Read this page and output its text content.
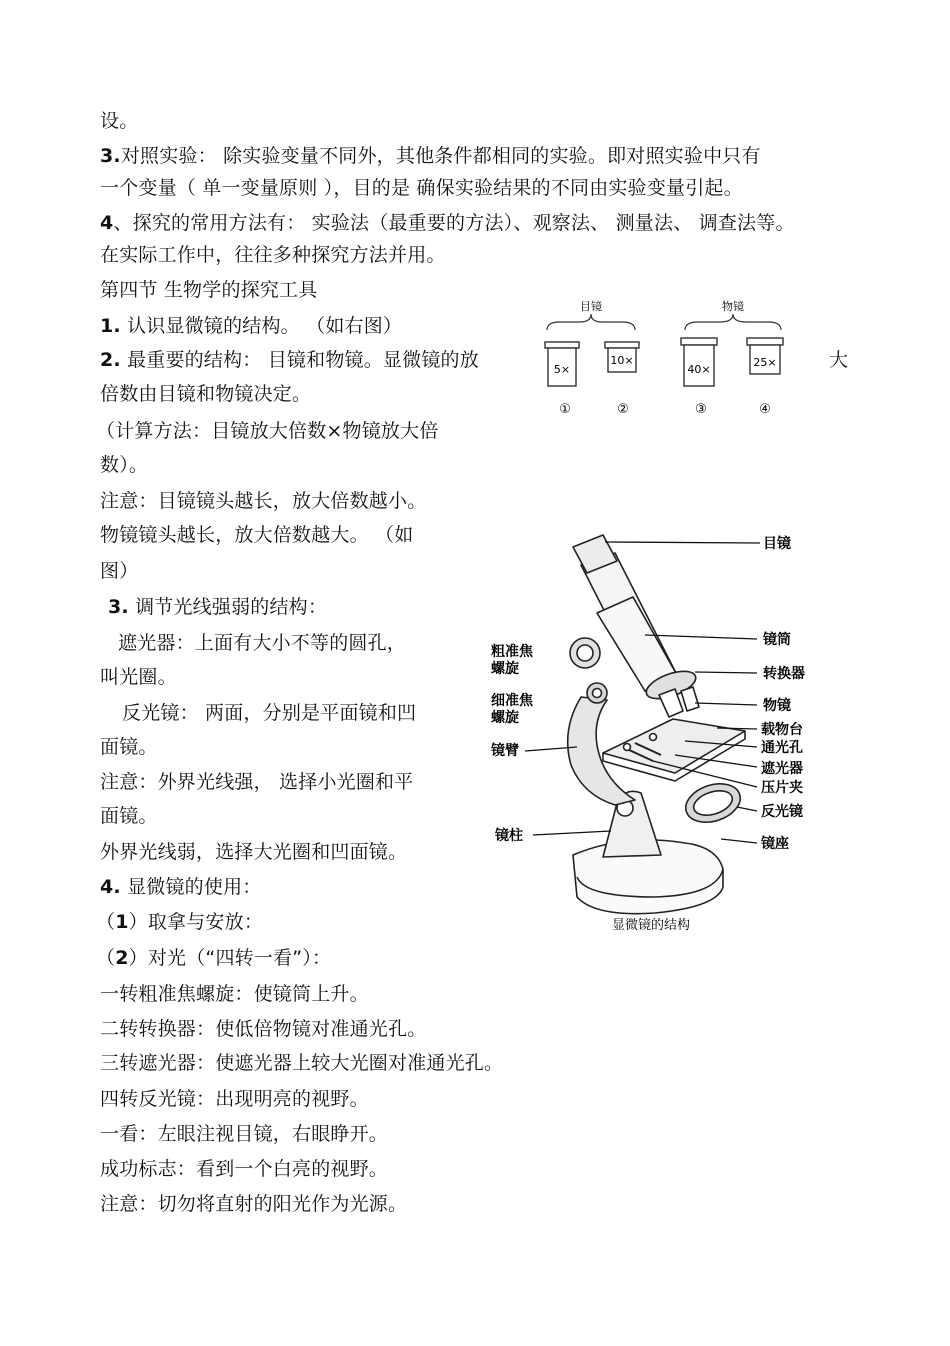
设。
3.对照实验： 除实验变量不同外，其他条件都相同的实验。即对照实验中只有
一个变量（ 单一变量原则 ），目的是 确保实验结果的不同由实验变量引起。
4、探究的常用方法有： 实验法（最重要的方法）、观察法、 测量法、 调查法等。
在实际工作中，往往多种探究方法并用。
第四节 生物学的探究工具
1. 认识显微镜的结构。 （如右图）
2. 最重要的结构： 目镜和物镜。显微镜的放	大
倍数由目镜和物镜决定。
（计算方法：目镜放大倍数×物镜放大倍
数）。
注意：目镜镜头越长，放大倍数越小。
物镜镜头越长，放大倍数越大。 （如
图）
3. 调节光线强弱的结构：
遮光器：上面有大小不等的圆孔，
叫光圈。
反光镜： 两面，分别是平面镜和凹
面镜。
注意：外界光线强， 选择小光圈和平
面镜。
外界光线弱，选择大光圈和凹面镜。
4. 显微镜的使用：
（1）取拿与安放：
（2）对光（“四转一看”）：
一转粗准焦螺旋：使镜筒上升。
二转转换器：使低倍物镜对准通光孔。
三转遮光器：使遮光器上较大光圈对准通光孔。
四转反光镜：出现明亮的视野。
一看：左眼注视目镜，右眼睁开。
成功标志：看到一个白亮的视野。
注意：切勿将直射的阳光作为光源。
目镜	物镜
5×
10×
40×
25×
①	②	③	④
目镜
镜筒
粗准焦
螺旋	转换器
细准焦
螺旋
物镜
载物台
镜臂	通光孔
遮光器
压片夹
反光镜
镜柱	镜座
显微镜的结构
